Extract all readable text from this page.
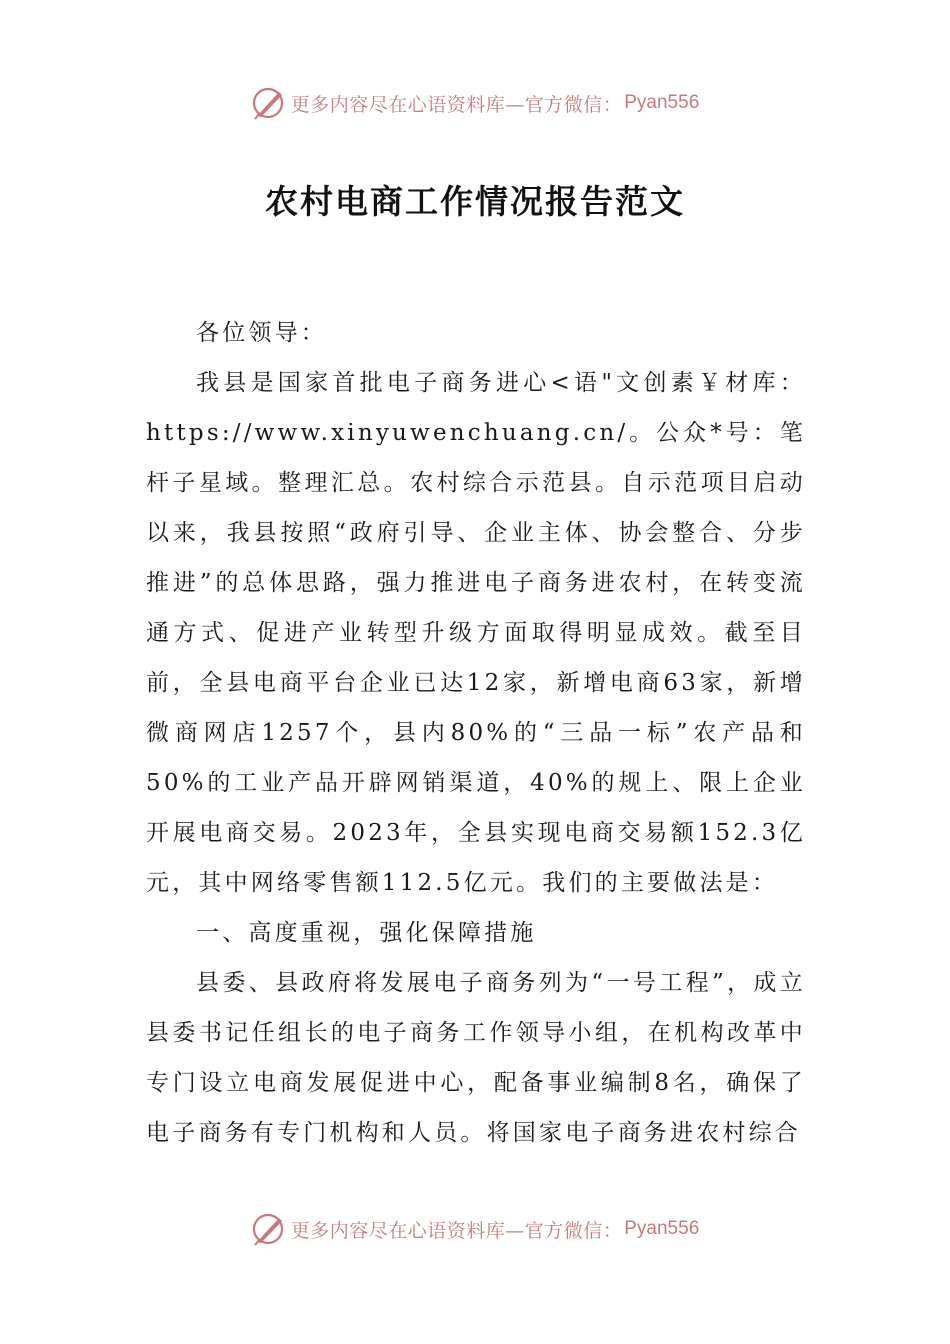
更多内容尽在心语资料库—官方微信： Pyan556
农村电商工作情况报告范文

各位领导：

我县是国家首批电子商务进心<语"文创素￥材库：https://www.xinyuwenchuang.cn/。公众*号：笔杆子星域。整理汇总。农村综合示范县。自示范项目启动以来，我县按照“政府引导、企业主体、协会整合、分步推进”的总体思路，强力推进电子商务进农村，在转变流通方式、促进产业转型升级方面取得明显成效。截至目前，全县电商平台企业已达12家，新增电商63家，新增微商网店1257个，县内80%的“三品一标”农产品和50%的工业产品开辟网销渠道，40%的规上、限上企业开展电商交易。2023年，全县实现电商交易额152.3亿元，其中网络零售额112.5亿元。我们的主要做法是：

一、高度重视，强化保障措施

县委、县政府将发展电子商务列为“一号工程”，成立县委书记任组长的电子商务工作领导小组，在机构改革中专门设立电商发展促进中心，配备事业编制8名，确保了电子商务有专门机构和人员。将国家电子商务进农村综合

更多内容尽在心语资料库—官方微信： Pyan556
